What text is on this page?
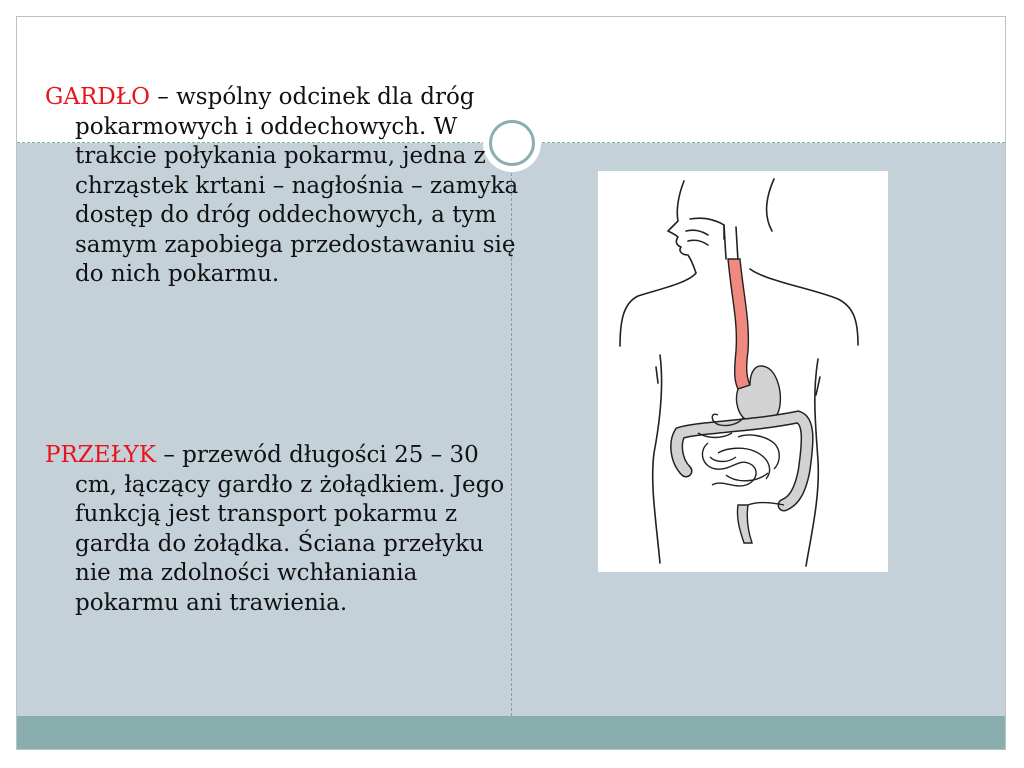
GARDŁO – wspólny odcinek dla dróg pokarmowych i oddechowych. W trakcie połykania pokarmu, jedna z chrząstek krtani – nagłośnia – zamyka dostęp do dróg oddechowych, a tym samym zapobiega przedostawaniu się do nich pokarmu.

PRZEŁYK – przewód długości 25 – 30 cm, łączący gardło z żołądkiem. Jego funkcją jest transport pokarmu z gardła do żołądka. Ściana przełyku nie ma zdolności wchłaniania pokarmu ani trawienia.
